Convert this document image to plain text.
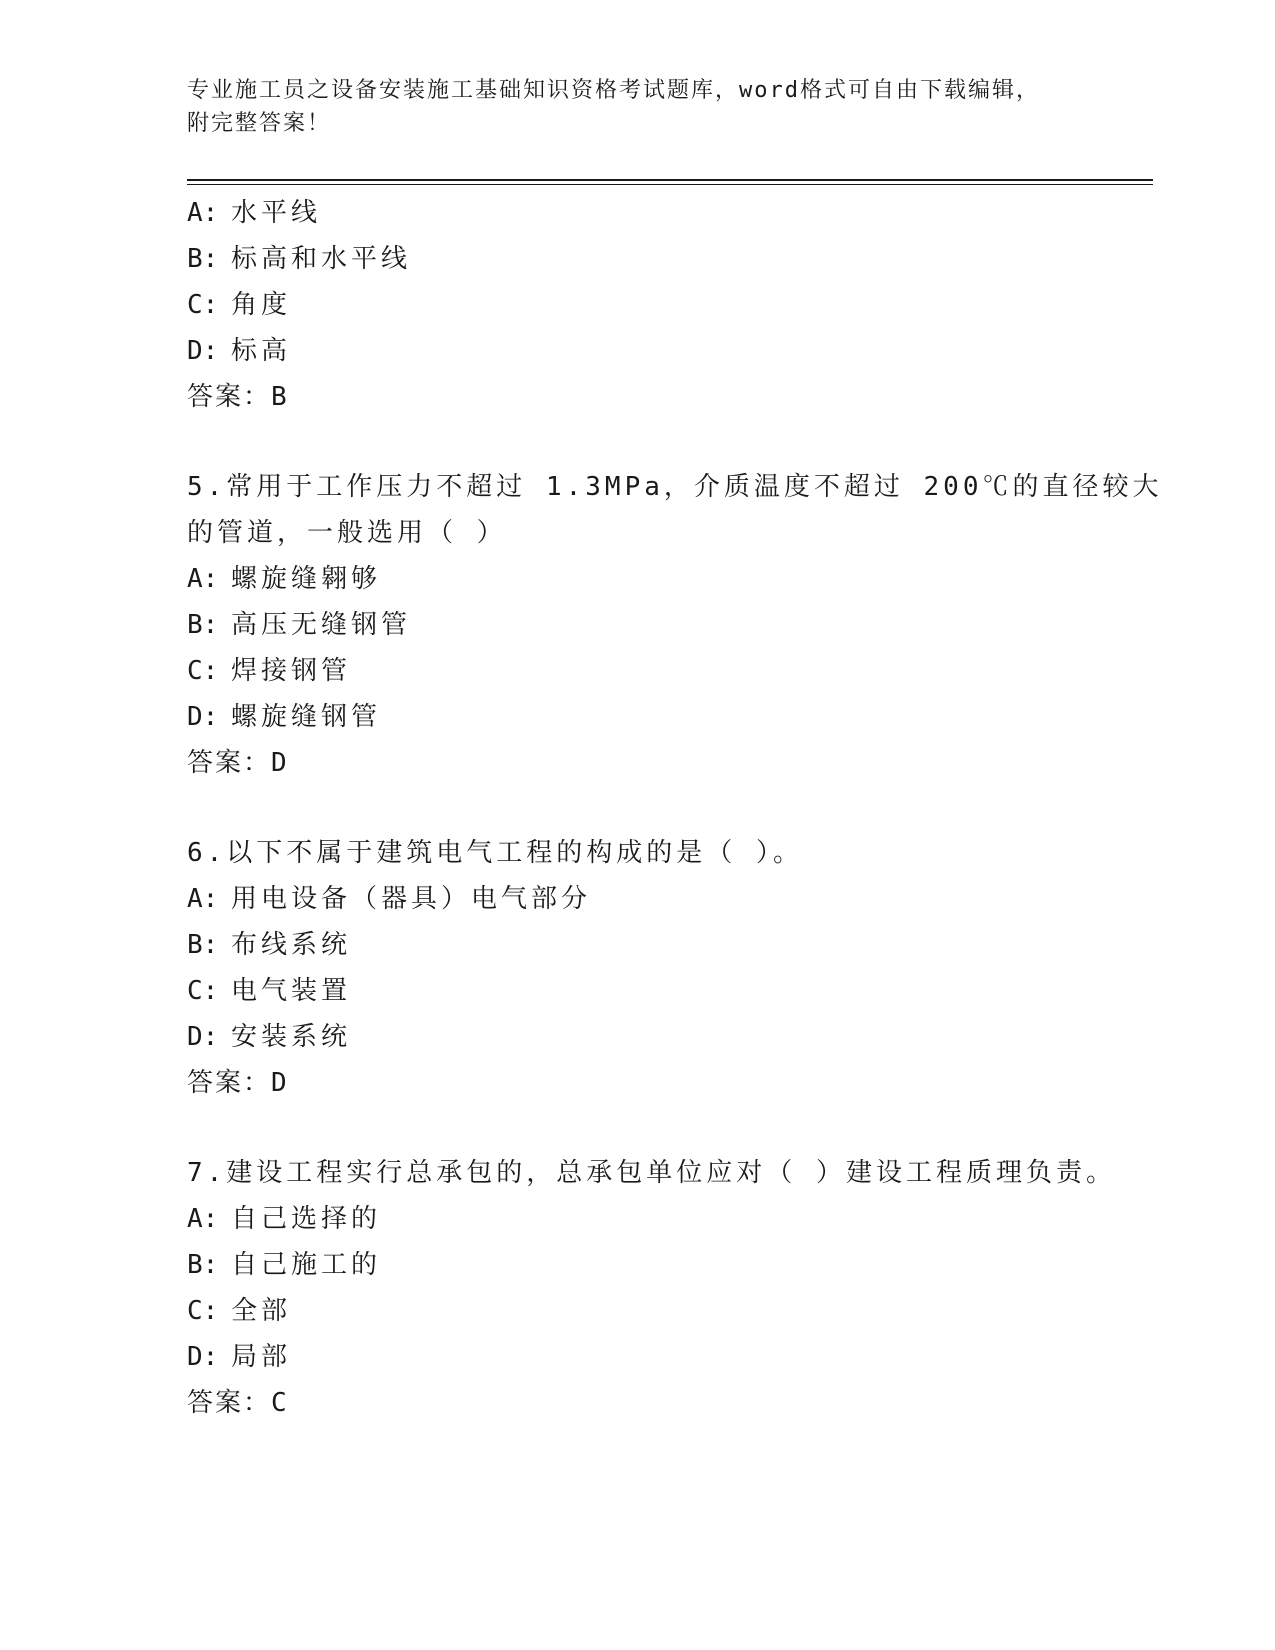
专业施工员之设备安装施工基础知识资格考试题库，word格式可自由下载编辑，
附完整答案！
A: 水平线
B: 标高和水平线
C: 角度
D: 标高
答案：B
5.常用于工作压力不超过 1.3MPa，介质温度不超过 200℃的直径较大
的管道，一般选用（ ）
A: 螺旋缝翱够
B: 高压无缝钢管
C: 焊接钢管
D: 螺旋缝钢管
答案：D
6.以下不属于建筑电气工程的构成的是（ ）。
A: 用电设备（器具）电气部分
B: 布线系统
C: 电气装置
D: 安装系统
答案：D
7.建设工程实行总承包的，总承包单位应对（ ）建设工程质理负责。
A: 自己选择的
B: 自己施工的
C: 全部
D: 局部
答案：C
